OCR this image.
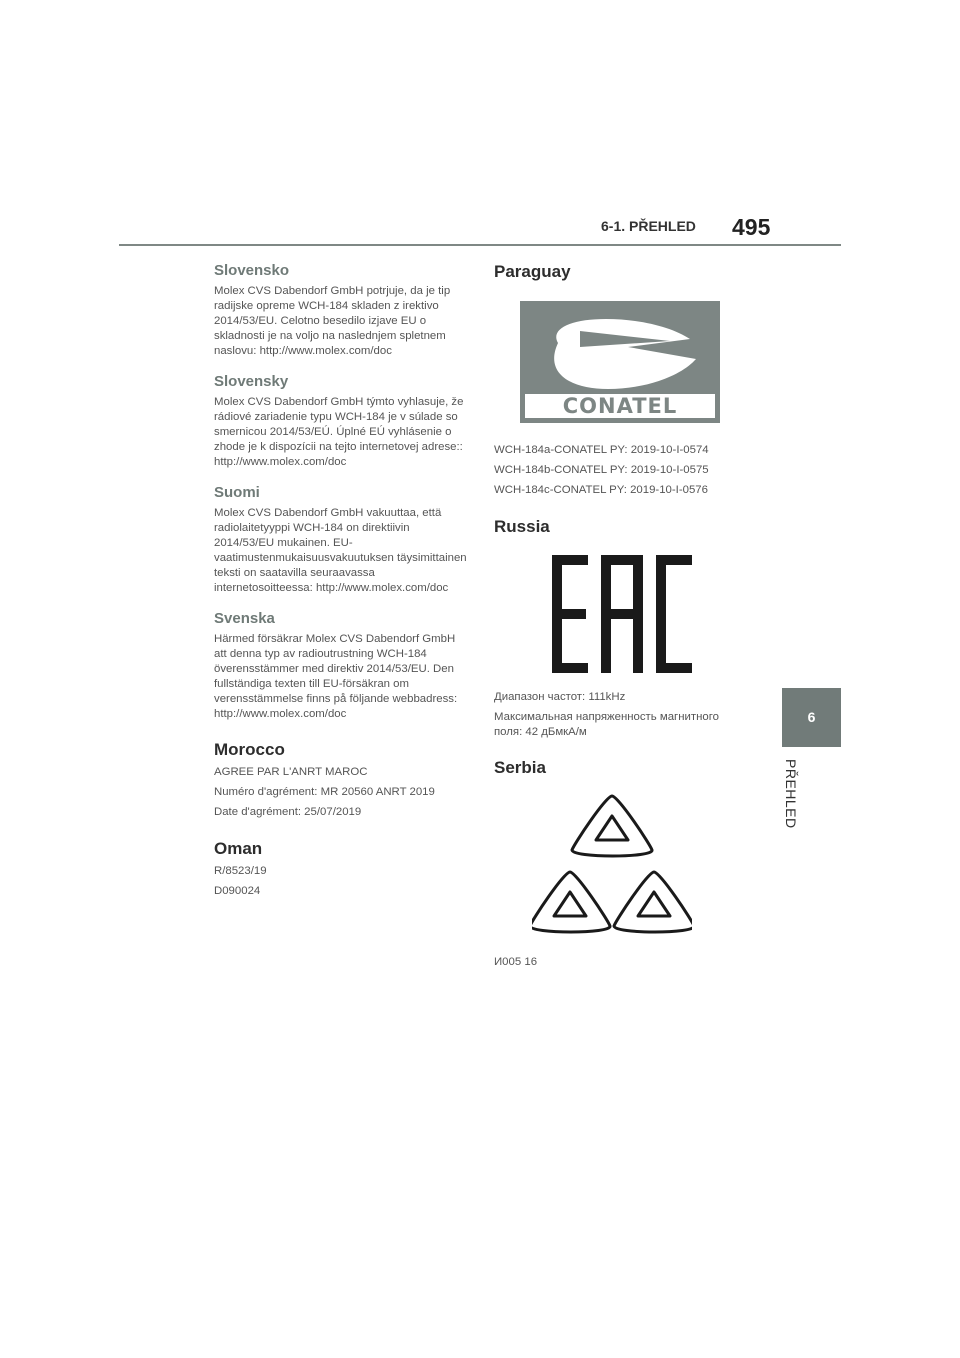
6-1. PŘEHLED 495
6
PŘEHLED
Slovensko

Molex CVS Dabendorf GmbH potrjuje, da je tip radijske opreme WCH-184 skladen z irektivo 2014/53/EU. Celotno besedilo izjave EU o skladnosti je na voljo na naslednjem spletnem naslovu: http://www.molex.com/doc

Slovensky

Molex CVS Dabendorf GmbH týmto vyhlasuje, že rádiové zariadenie typu WCH-184 je v súlade so smernicou 2014/53/EÚ. Úplné EÚ vyhlásenie o zhode je k dispozícii na tejto internetovej adrese:: http://www.molex.com/doc

Suomi

Molex CVS Dabendorf GmbH vakuuttaa, että radiolaitetyyppi WCH-184 on direktiivin 2014/53/EU mukainen. EU-vaatimustenmukaisuusvakuutuksen täysimittainen teksti on saatavilla seuraavassa internetosoitteessa: http://www.molex.com/doc

Svenska

Härmed försäkrar Molex CVS Dabendorf GmbH att denna typ av radioutrustning WCH-184 överensstämmer med direktiv 2014/53/EU. Den fullständiga texten till EU-försäkran om verensstämmelse finns på följande webbadress: http://www.molex.com/doc

Morocco

AGREE PAR L'ANRT MAROC

Numéro d'agrément: MR 20560 ANRT 2019

Date d'agrément: 25/07/2019

Oman

R/8523/19

D090024

Paraguay
CONATEL

WCH-184a-CONATEL PY: 2019-10-I-0574

WCH-184b-CONATEL PY: 2019-10-I-0575

WCH-184c-CONATEL PY: 2019-10-I-0576

Russia

Диапазон частот: 111kHz

Максимальная напряженность магнитного поля: 42 дБмкА/м

Serbia

И005 16
